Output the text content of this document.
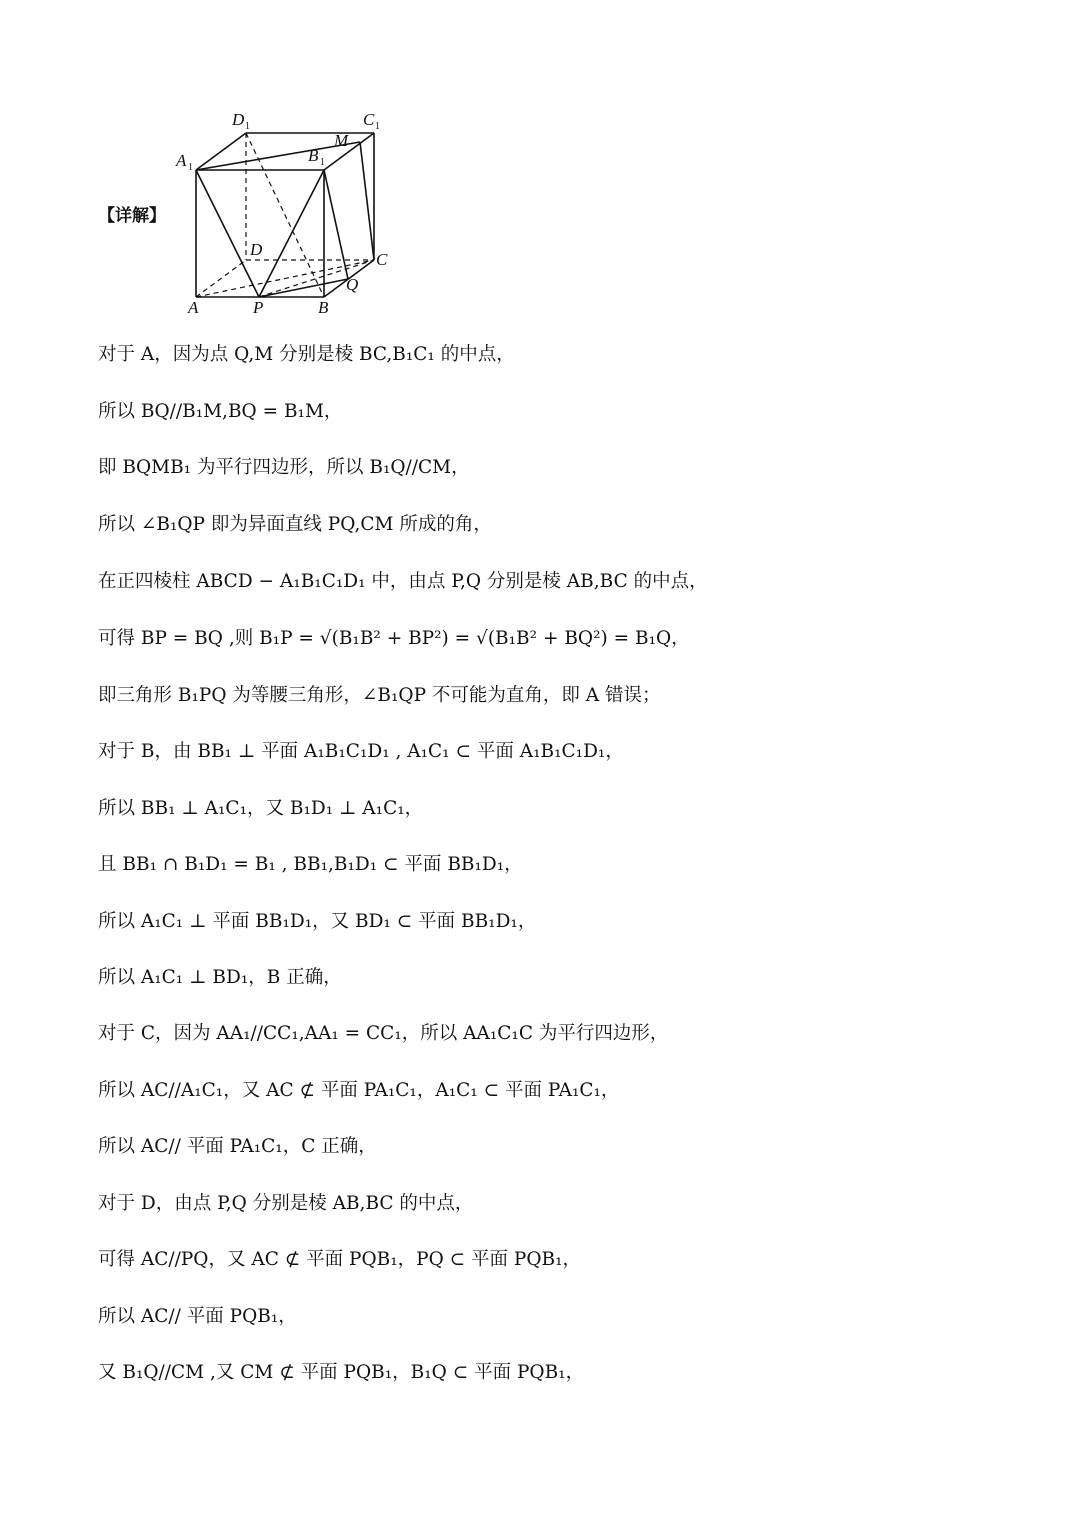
【详解】
D 1	C 1
A 1
B 1
M
D
C
Q
A	P	B
对于 A，因为点 Q,M 分别是棱 BC,B₁C₁ 的中点，
所以 BQ//B₁M,BQ = B₁M，
即 BQMB₁ 为平行四边形，所以 B₁Q//CM，
所以 ∠B₁QP 即为异面直线 PQ,CM 所成的角，
在正四棱柱 ABCD − A₁B₁C₁D₁ 中，由点 P,Q 分别是棱 AB,BC 的中点，
可得 BP = BQ ,则 B₁P = √(B₁B² + BP²) = √(B₁B² + BQ²) = B₁Q，
即三角形 B₁PQ 为等腰三角形，∠B₁QP 不可能为直角，即 A 错误；
对于 B，由 BB₁ ⊥ 平面 A₁B₁C₁D₁ , A₁C₁ ⊂ 平面 A₁B₁C₁D₁，
所以 BB₁ ⊥ A₁C₁，又 B₁D₁ ⊥ A₁C₁，
且 BB₁ ∩ B₁D₁ = B₁ , BB₁,B₁D₁ ⊂ 平面 BB₁D₁，
所以 A₁C₁ ⊥ 平面 BB₁D₁，又 BD₁ ⊂ 平面 BB₁D₁，
所以 A₁C₁ ⊥ BD₁，B 正确，
对于 C，因为 AA₁//CC₁,AA₁ = CC₁，所以 AA₁C₁C 为平行四边形，
所以 AC//A₁C₁，又 AC ⊄ 平面 PA₁C₁，A₁C₁ ⊂ 平面 PA₁C₁，
所以 AC// 平面 PA₁C₁，C 正确，
对于 D，由点 P,Q 分别是棱 AB,BC 的中点，
可得 AC//PQ，又 AC ⊄ 平面 PQB₁，PQ ⊂ 平面 PQB₁，
所以 AC// 平面 PQB₁，
又 B₁Q//CM ,又 CM ⊄ 平面 PQB₁，B₁Q ⊂ 平面 PQB₁，
